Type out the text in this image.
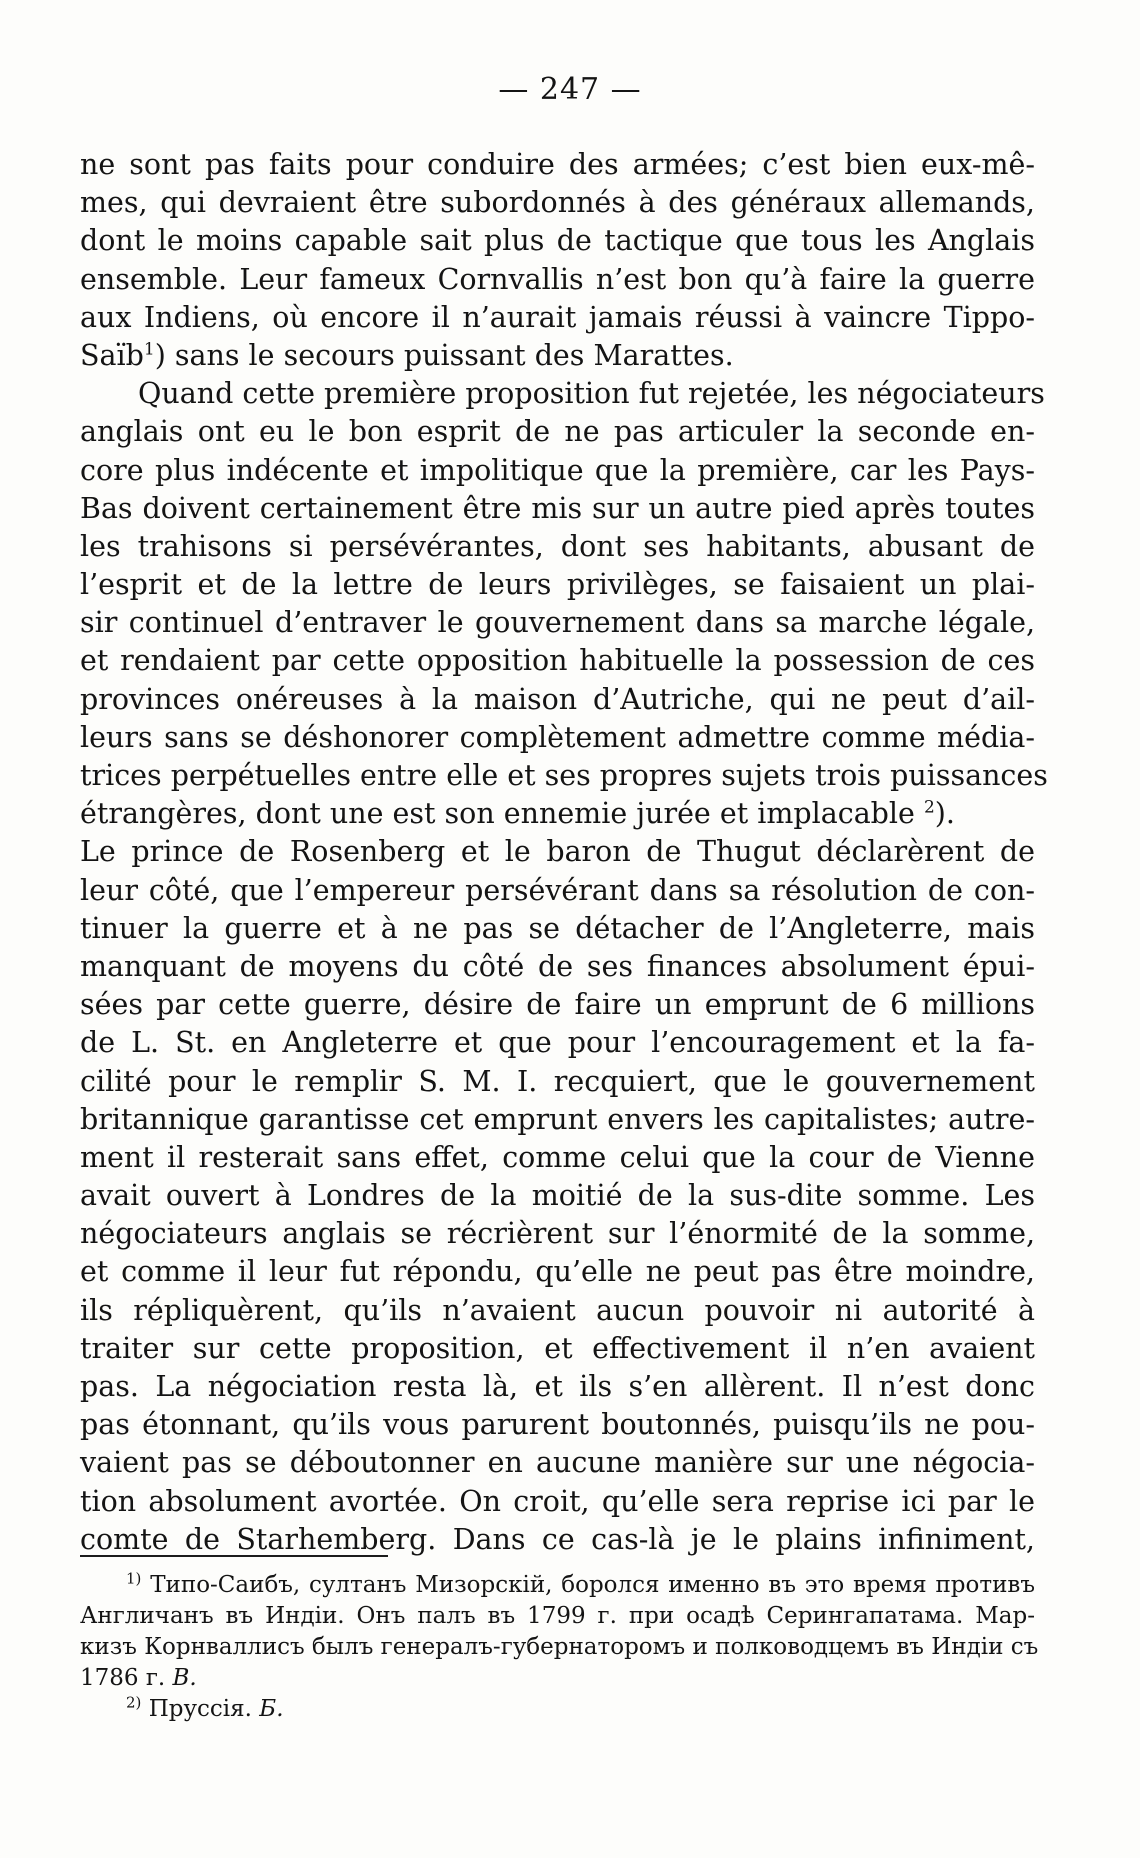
— 247 —
ne sont pas faits pour conduire des armées; c’est bien eux-mê-
mes, qui devraient être subordonnés à des généraux allemands,
dont le moins capable sait plus de tactique que tous les Anglais
ensemble. Leur fameux Cornvallis n’est bon qu’à faire la guerre
aux Indiens, où encore il n’aurait jamais réussi à vaincre Tippo-
Saïb$^1$) sans le secours puissant des Marattes.
Quand cette première proposition fut rejetée, les négociateurs
anglais ont eu le bon esprit de ne pas articuler la seconde en-
core plus indécente et impolitique que la première, car les Pays-
Bas doivent certainement être mis sur un autre pied après toutes
les trahisons si persévérantes, dont ses habitants, abusant de
l’esprit et de la lettre de leurs privilèges, se faisaient un plai-
sir continuel d’entraver le gouvernement dans sa marche légale,
et rendaient par cette opposition habituelle la possession de ces
provinces onéreuses à la maison d’Autriche, qui ne peut d’ail-
leurs sans se déshonorer complètement admettre comme média-
trices perpétuelles entre elle et ses propres sujets trois puissances
étrangères, dont une est son ennemie jurée et implacable $^2$).
Le prince de Rosenberg et le baron de Thugut déclarèrent de
leur côté, que l’empereur persévérant dans sa résolution de con-
tinuer la guerre et à ne pas se détacher de l’Angleterre, mais
manquant de moyens du côté de ses finances absolument épui-
sées par cette guerre, désire de faire un emprunt de 6 millions
de L. St. en Angleterre et que pour l’encouragement et la fa-
cilité pour le remplir S. M. I. recquiert, que le gouvernement
britannique garantisse cet emprunt envers les capitalistes; autre-
ment il resterait sans effet, comme celui que la cour de Vienne
avait ouvert à Londres de la moitié de la sus-dite somme. Les
négociateurs anglais se récrièrent sur l’énormité de la somme,
et comme il leur fut répondu, qu’elle ne peut pas être moindre,
ils répliquèrent, qu’ils n’avaient aucun pouvoir ni autorité à
traiter sur cette proposition, et effectivement il n’en avaient
pas. La négociation resta là, et ils s’en allèrent. Il n’est donc
pas étonnant, qu’ils vous parurent boutonnés, puisqu’ils ne pou-
vaient pas se déboutonner en aucune manière sur une négocia-
tion absolument avortée. On croit, qu’elle sera reprise ici par le
comte de Starhemberg. Dans ce cas-là je le plains infiniment,
$^{1)}$ Типо-Саибъ, султанъ Мизорскій, боролся именно въ это время противъ
Англичанъ въ Индіи. Онъ палъ въ 1799 г. при осадѣ Серингапатама. Мар-
кизъ Корнваллисъ былъ генералъ-губернаторомъ и полководцемъ въ Индіи съ
1786 г. В.
$^{2)}$ Пруссія. Б.
